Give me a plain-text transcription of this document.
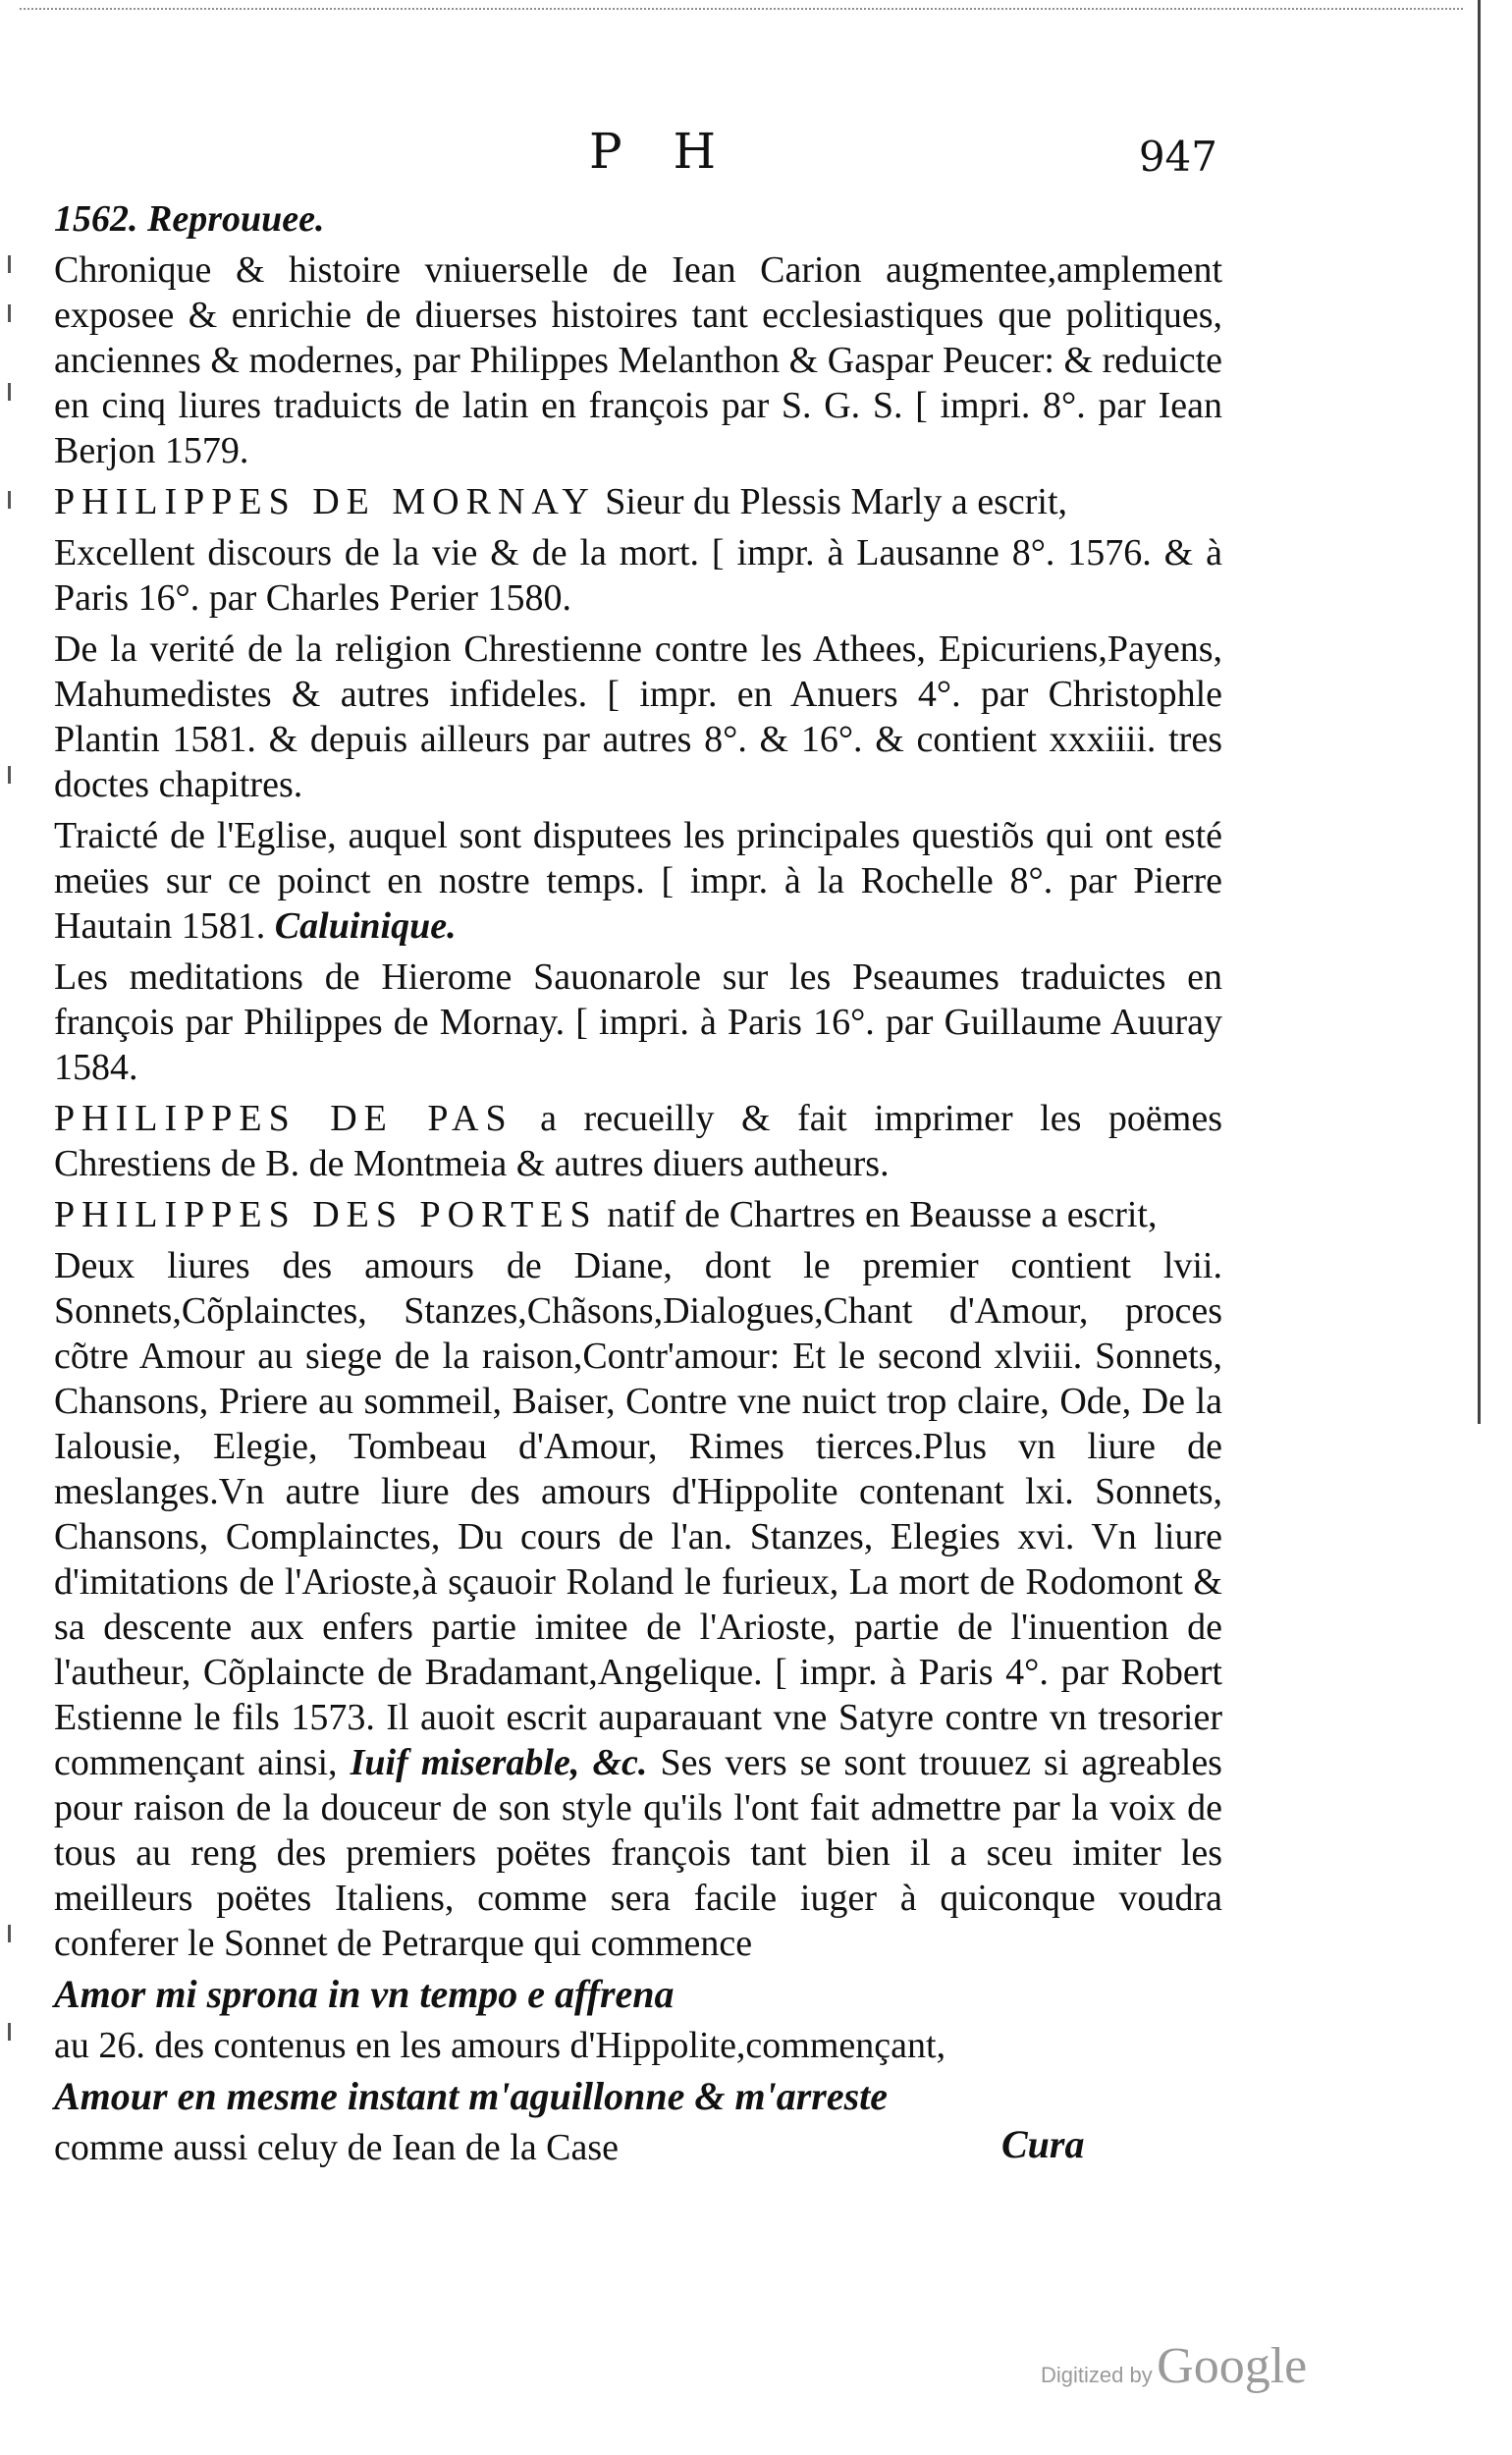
P H	947

1562. Reprouuee.

Chronique & histoire vniuerselle de Iean Carion augmentee,amplement exposee & enrichie de diuerses histoires tant ecclesiastiques que politiques, anciennes & modernes, par Philippes Melanthon & Gaspar Peucer: & reduicte en cinq liures traduicts de latin en françois par S. G. S. [ impri. 8°. par Iean Berjon 1579.

PHILIPPES DE MORNAY Sieur du Plessis Marly a escrit,

Excellent discours de la vie & de la mort. [ impr. à Lausanne 8°. 1576. & à Paris 16°. par Charles Perier 1580.

De la verité de la religion Chrestienne contre les Athees, Epicuriens,Payens, Mahumedistes & autres infideles. [ impr. en Anuers 4°. par Christophle Plantin 1581. & depuis ailleurs par autres 8°. & 16°. & contient xxxiiii. tres doctes chapitres.

Traicté de l'Eglise, auquel sont disputees les principales questiõs qui ont esté meües sur ce poinct en nostre temps. [ impr. à la Rochelle 8°. par Pierre Hautain 1581. Caluinique.

Les meditations de Hierome Sauonarole sur les Pseaumes traduictes en françois par Philippes de Mornay. [ impri. à Paris 16°. par Guillaume Auuray 1584.

PHILIPPES DE PAS a recueilly & fait imprimer les poëmes Chrestiens de B. de Montmeia & autres diuers autheurs.

PHILIPPES DES PORTES natif de Chartres en Beausse a escrit,

Deux liures des amours de Diane, dont le premier contient lvii. Sonnets,Cõplainctes, Stanzes,Chãsons,Dialogues,Chant d'Amour, proces cõtre Amour au siege de la raison,Contr'amour: Et le second xlviii. Sonnets, Chansons, Priere au sommeil, Baiser, Contre vne nuict trop claire, Ode, De la Ialousie, Elegie, Tombeau d'Amour, Rimes tierces.Plus vn liure de meslanges.Vn autre liure des amours d'Hippolite contenant lxi. Sonnets, Chansons, Complainctes, Du cours de l'an. Stanzes, Elegies xvi. Vn liure d'imitations de l'Arioste,à sçauoir Roland le furieux, La mort de Rodomont & sa descente aux enfers partie imitee de l'Arioste, partie de l'inuention de l'autheur, Cõplaincte de Bradamant,Angelique. [ impr. à Paris 4°. par Robert Estienne le fils 1573. Il auoit escrit auparauant vne Satyre contre vn tresorier commençant ainsi, Iuif miserable, &c. Ses vers se sont trouuez si agreables pour raison de la douceur de son style qu'ils l'ont fait admettre par la voix de tous au reng des premiers poëtes françois tant bien il a sceu imiter les meilleurs poëtes Italiens, comme sera facile iuger à quiconque voudra conferer le Sonnet de Petrarque qui commence

Amor mi sprona in vn tempo e affrena

au 26. des contenus en les amours d'Hippolite,commençant,

Amour en mesme instant m'aguillonne & m'arreste

comme aussi celuy de Iean de la Case	Cura
Digitized by Google
